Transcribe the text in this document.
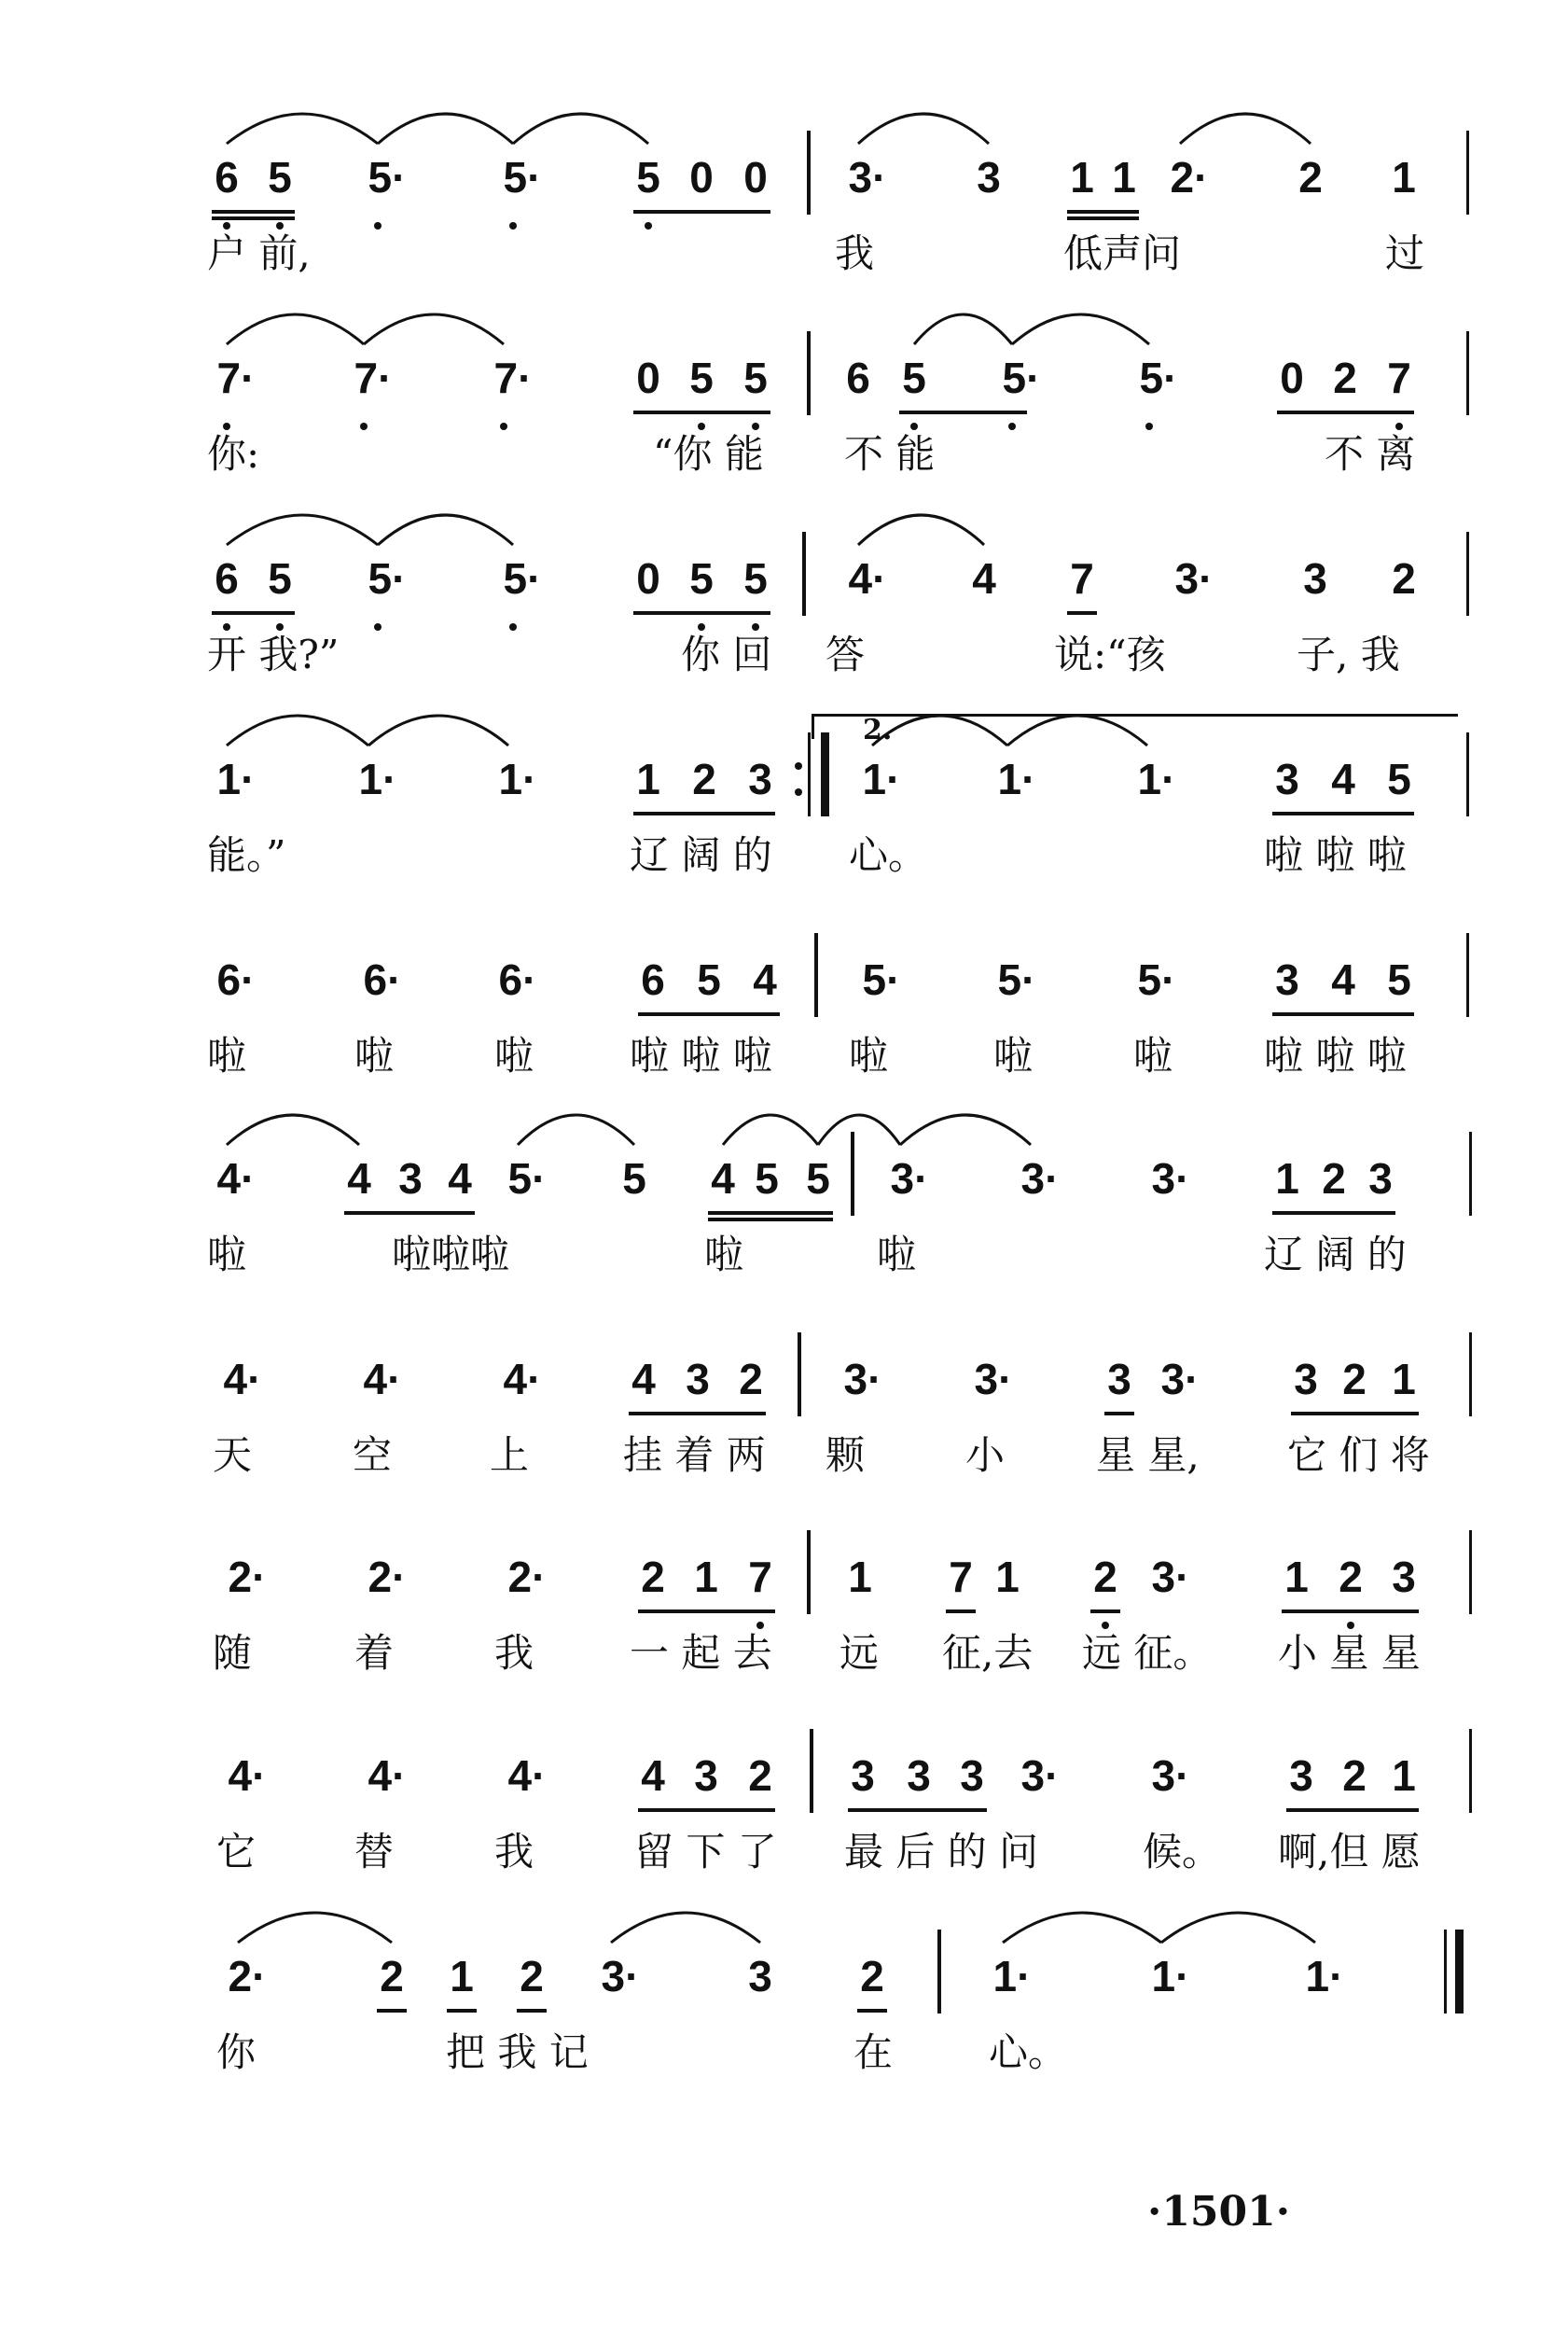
6 5	5·	5·	5 0 0	3·	3	1 1 2·	2	1
户 前,	我	低声问	过
7·	7·	7·	0 5 5	6 5	5·	5·	0 2 7
你:	“你 能 不 能	不 离
6 5	5·	5·	0 5 5	4·	4	7	3·	3	2
开 我?”	你 回 答	说:“孩	子, 我
1·	1·	1·	1 2 3	1·	1·	1·	3 4 5
能。”	辽 阔 的 心。	啦 啦 啦
6·	6·	6·	6 5 4	5·	5·	5·	3 4 5
啦	啦	啦 啦 啦 啦 啦	啦	啦 啦 啦 啦
4·	4 3 4 5·	5	4 5 5	3·	3·	3·	1 2 3
啦	啦啦啦	啦	啦	辽 阔 的
4·	4·	4·	4 3 2	3·	3·	3 3·	3 2 1
天	空 上 挂 着 两 颗	小 星 星, 它 们 将
2·	2·	2·	2 1 7	1	7 1	2 3·	1 2 3
随	着	我 一 起 去 远 征,去 远 征。 小 星 星
4·	4·	4·	4 3 2	3 3 3 3·	3·	3 2 1
它	替	我	留 下 了 最 后 的 问	候。 啊,但 愿
2·	2	1	2	3·	3	2	1·	1·	1·
你	把 我 记	在 心。
2.
·1501·
